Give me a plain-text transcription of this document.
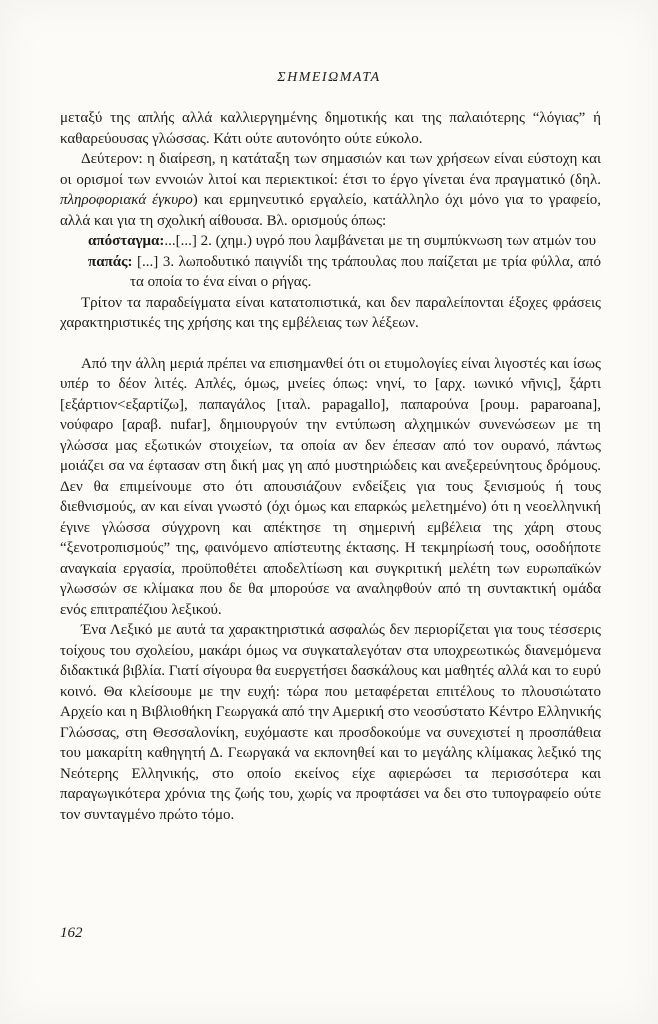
ΣΗΜΕΙΩΜΑΤΑ

μεταξύ της απλής αλλά καλλιεργημένης δημοτικής και της παλαιότερης “λόγιας” ή καθαρεύουσας γλώσσας. Κάτι ούτε αυτονόητο ούτε εύκολο.

Δεύτερον: η διαίρεση, η κατάταξη των σημασιών και των χρήσεων είναι εύστοχη και οι ορισμοί των εννοιών λιτοί και περιεκτικοί: έτσι το έργο γίνεται ένα πραγματικό (δηλ. πληροφοριακά έγκυρο) και ερμηνευτικό εργαλείο, κατάλληλο όχι μόνο για το γραφείο, αλλά και για τη σχολική αίθουσα. Βλ. ορισμούς όπως:

απόσταγμα:...[...] 2. (χημ.) υγρό που λαμβάνεται με τη συμπύκνωση των ατμών του
παπάς: [...] 3. λωποδυτικό παιγνίδι της τράπουλας που παίζεται με τρία φύλλα, από τα οποία το ένα είναι ο ρήγας.

Τρίτον τα παραδείγματα είναι κατατοπιστικά, και δεν παραλείπονται έξοχες φράσεις χαρακτηριστικές της χρήσης και της εμβέλειας των λέξεων.

Από την άλλη μεριά πρέπει να επισημανθεί ότι οι ετυμολογίες είναι λιγοστές και ίσως υπέρ το δέον λιτές. Απλές, όμως, μνείες όπως: νηνί, το [αρχ. ιωνικό νῆνις], ξάρτι [εξάρτιον<εξαρτίζω], παπαγάλος [ιταλ. papagallo], παπαρούνα [ρουμ. paparoana], νούφαρο [αραβ. nufar], δημιουργούν την εντύπωση αλχημικών συνενώσεων με τη γλώσσα μας εξωτικών στοιχείων, τα οποία αν δεν έπεσαν από τον ουρανό, πάντως μοιάζει σα να έφτασαν στη δική μας γη από μυστηριώδεις και ανεξερεύνητους δρόμους. Δεν θα επιμείνουμε στο ότι απουσιάζουν ενδείξεις για τους ξενισμούς ή τους διεθνισμούς, αν και είναι γνωστό (όχι όμως και επαρκώς μελετημένο) ότι η νεοελληνική έγινε γλώσσα σύγχρονη και απέκτησε τη σημερινή εμβέλεια της χάρη στους “ξενοτροπισμούς” της, φαινόμενο απίστευτης έκτασης. Η τεκμηρίωσή τους, οσοδήποτε αναγκαία εργασία, προϋποθέτει αποδελτίωση και συγκριτική μελέτη των ευρωπαϊκών γλωσσών σε κλίμακα που δε θα μπορούσε να αναληφθούν από τη συντακτική ομάδα ενός επιτραπέζιου λεξικού.

Ένα Λεξικό με αυτά τα χαρακτηριστικά ασφαλώς δεν περιορίζεται για τους τέσσερις τοίχους του σχολείου, μακάρι όμως να συγκαταλεγόταν στα υποχρεωτικώς διανεμόμενα διδακτικά βιβλία. Γιατί σίγουρα θα ευεργετήσει δασκάλους και μαθητές αλλά και το ευρύ κοινό. Θα κλείσουμε με την ευχή: τώρα που μεταφέρεται επιτέλους το πλουσιώτατο Αρχείο και η Βιβλιοθήκη Γεωργακά από την Αμερική στο νεοσύστατο Κέντρο Ελληνικής Γλώσσας, στη Θεσσαλονίκη, ευχόμαστε και προσδοκούμε να συνεχιστεί η προσπάθεια του μακαρίτη καθηγητή Δ. Γεωργακά να εκπονηθεί και το μεγάλης κλίμακας λεξικό της Νεότερης Ελληνικής, στο οποίο εκείνος είχε αφιερώσει τα περισσότερα και παραγωγικότερα χρόνια της ζωής του, χωρίς να προφτάσει να δει στο τυπογραφείο ούτε τον συνταγμένο πρώτο τόμο.

162
